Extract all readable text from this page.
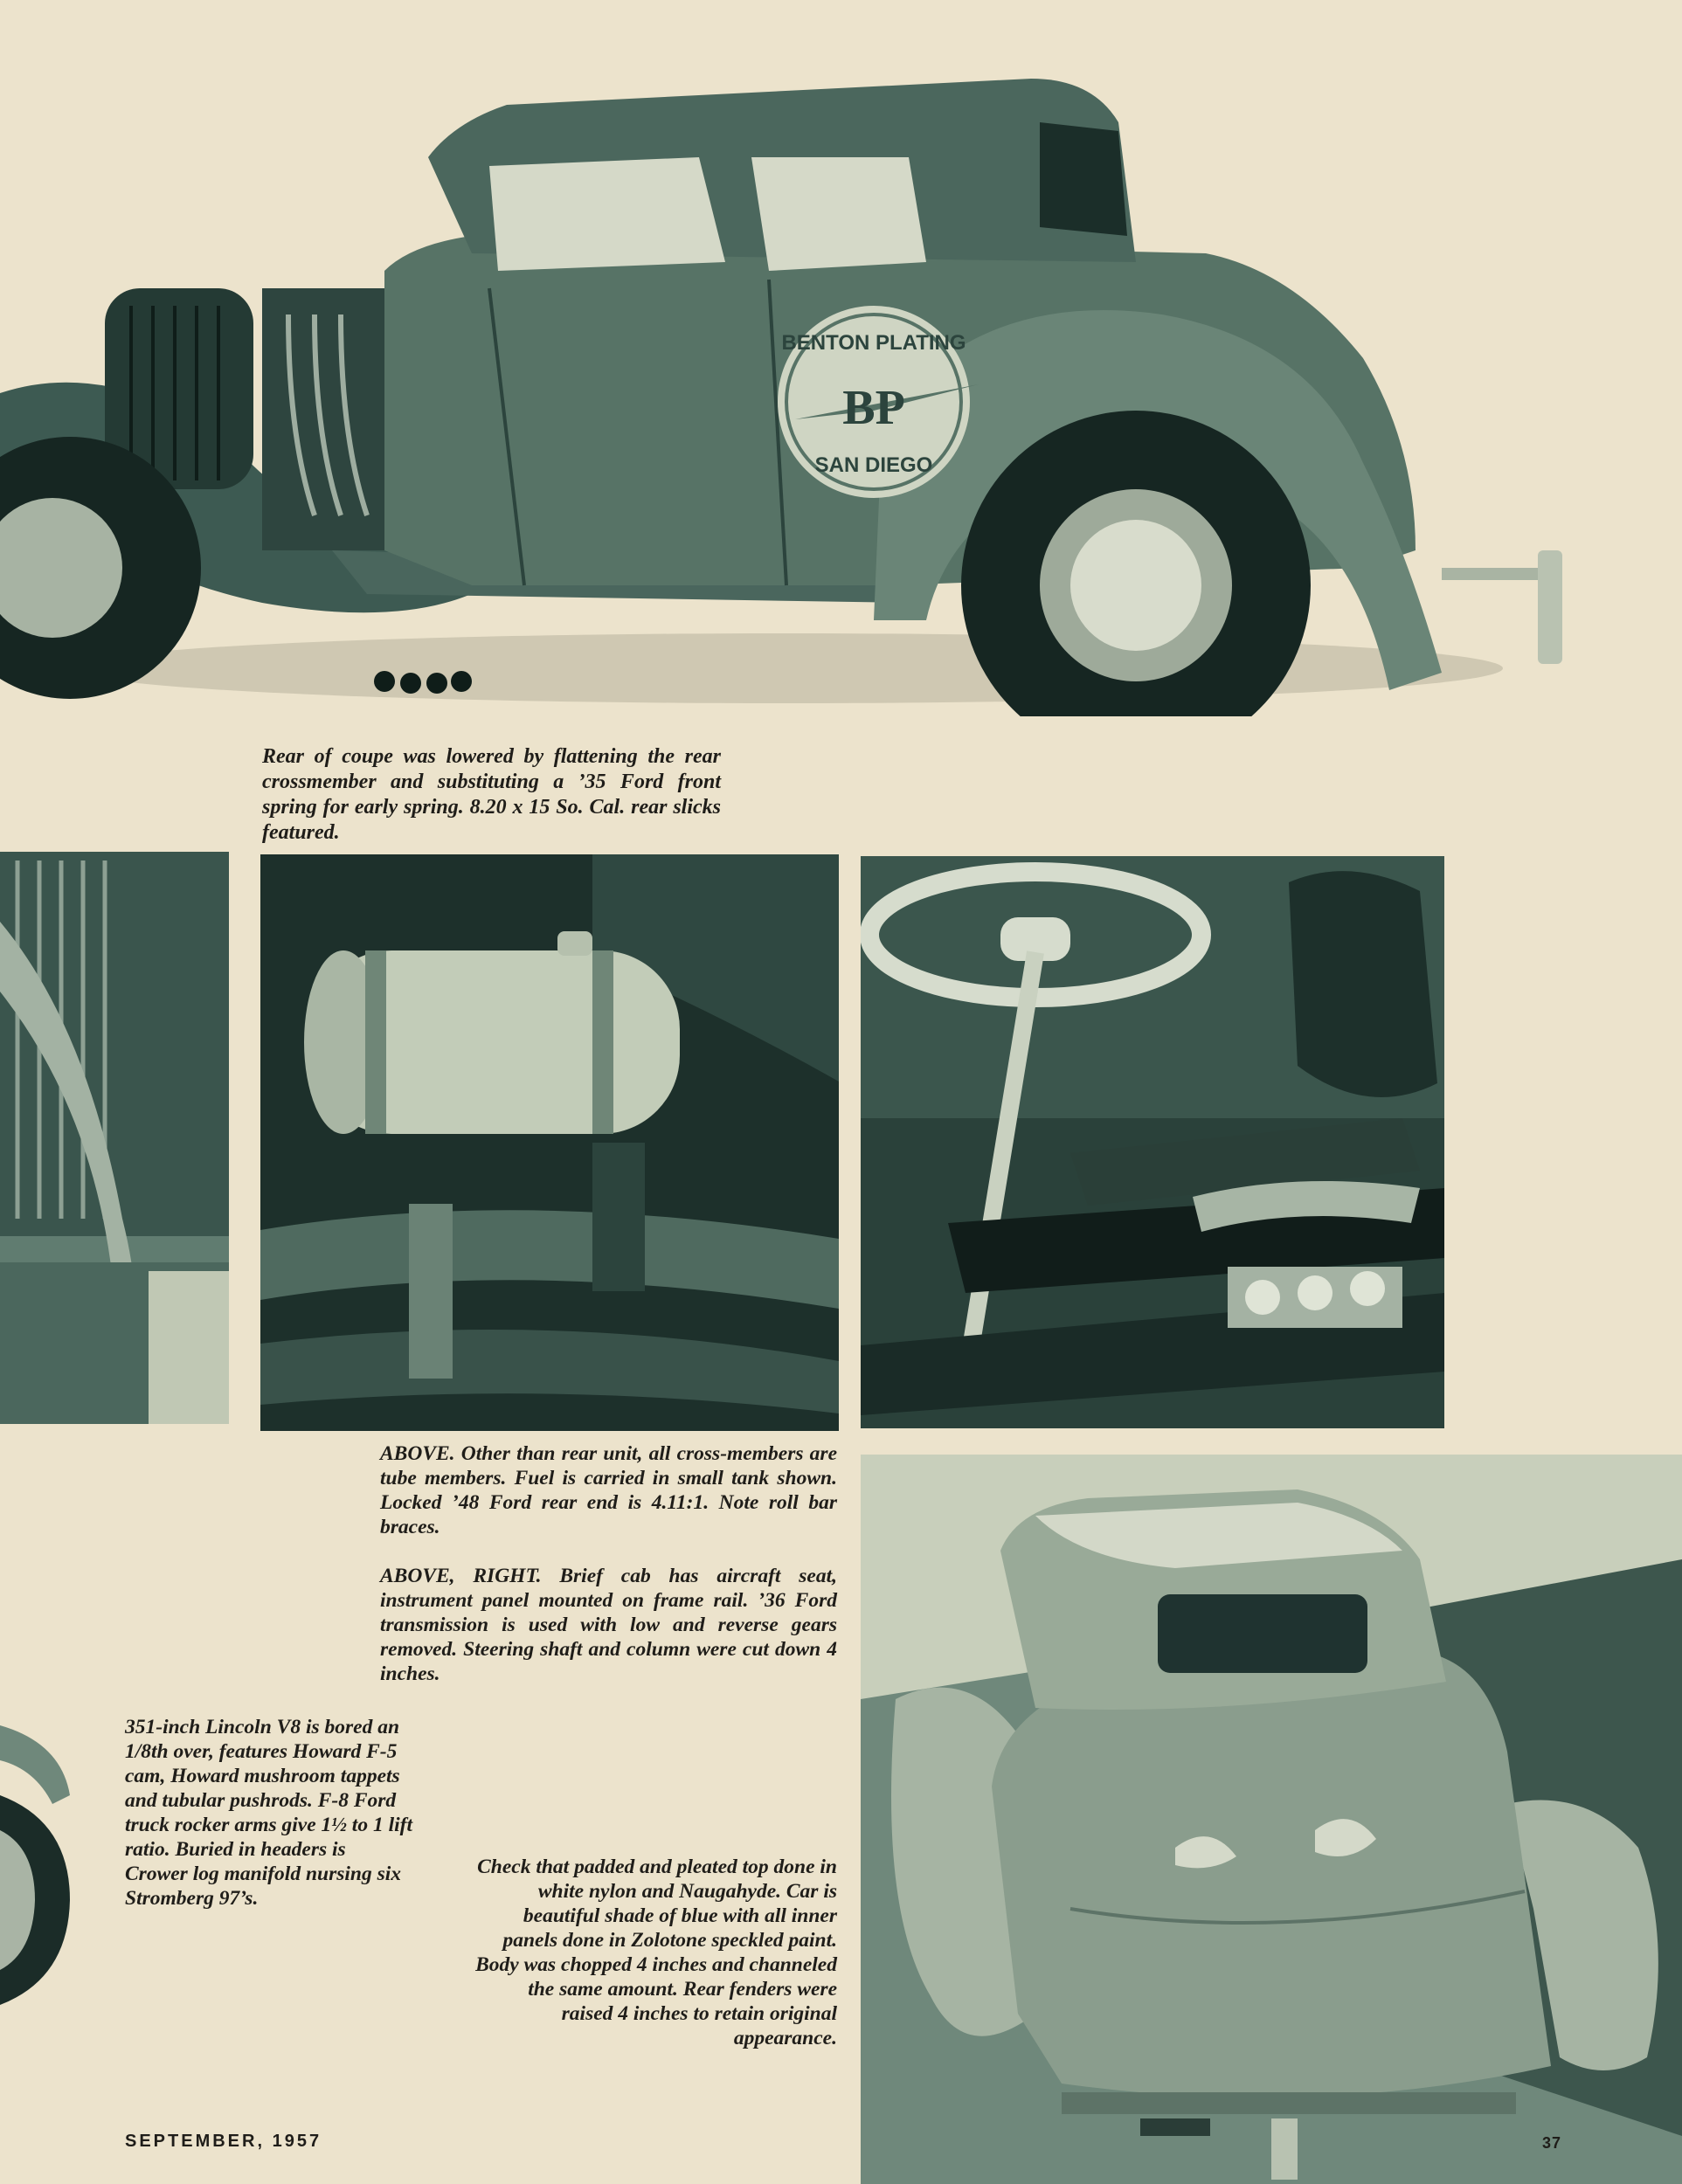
BENTON PLATING
BP
SAN DIEGO

Rear of coupe was lowered by flattening the rear crossmember and substituting a ’35 Ford front spring for early spring. 8.20 x 15 So. Cal. rear slicks featured.

ABOVE. Other than rear unit, all cross-members are tube members. Fuel is carried in small tank shown. Locked ’48 Ford rear end is 4.11:1. Note roll bar braces.

ABOVE, RIGHT. Brief cab has aircraft seat, instrument panel mounted on frame rail. ’36 Ford transmission is used with low and reverse gears removed. Steering shaft and column were cut down 4 inches.

351-inch Lincoln V8 is bored an 1/8th over, features Howard F-5 cam, Howard mushroom tappets and tubular pushrods. F-8 Ford truck rocker arms give 1½ to 1 lift ratio. Buried in headers is Crower log manifold nursing six Stromberg 97’s.

Check that padded and pleated top done in white nylon and Naugahyde. Car is beautiful shade of blue with all inner panels done in Zolotone speckled paint. Body was chopped 4 inches and channeled the same amount. Rear fenders were raised 4 inches to retain original appearance.

SEPTEMBER, 1957	37
